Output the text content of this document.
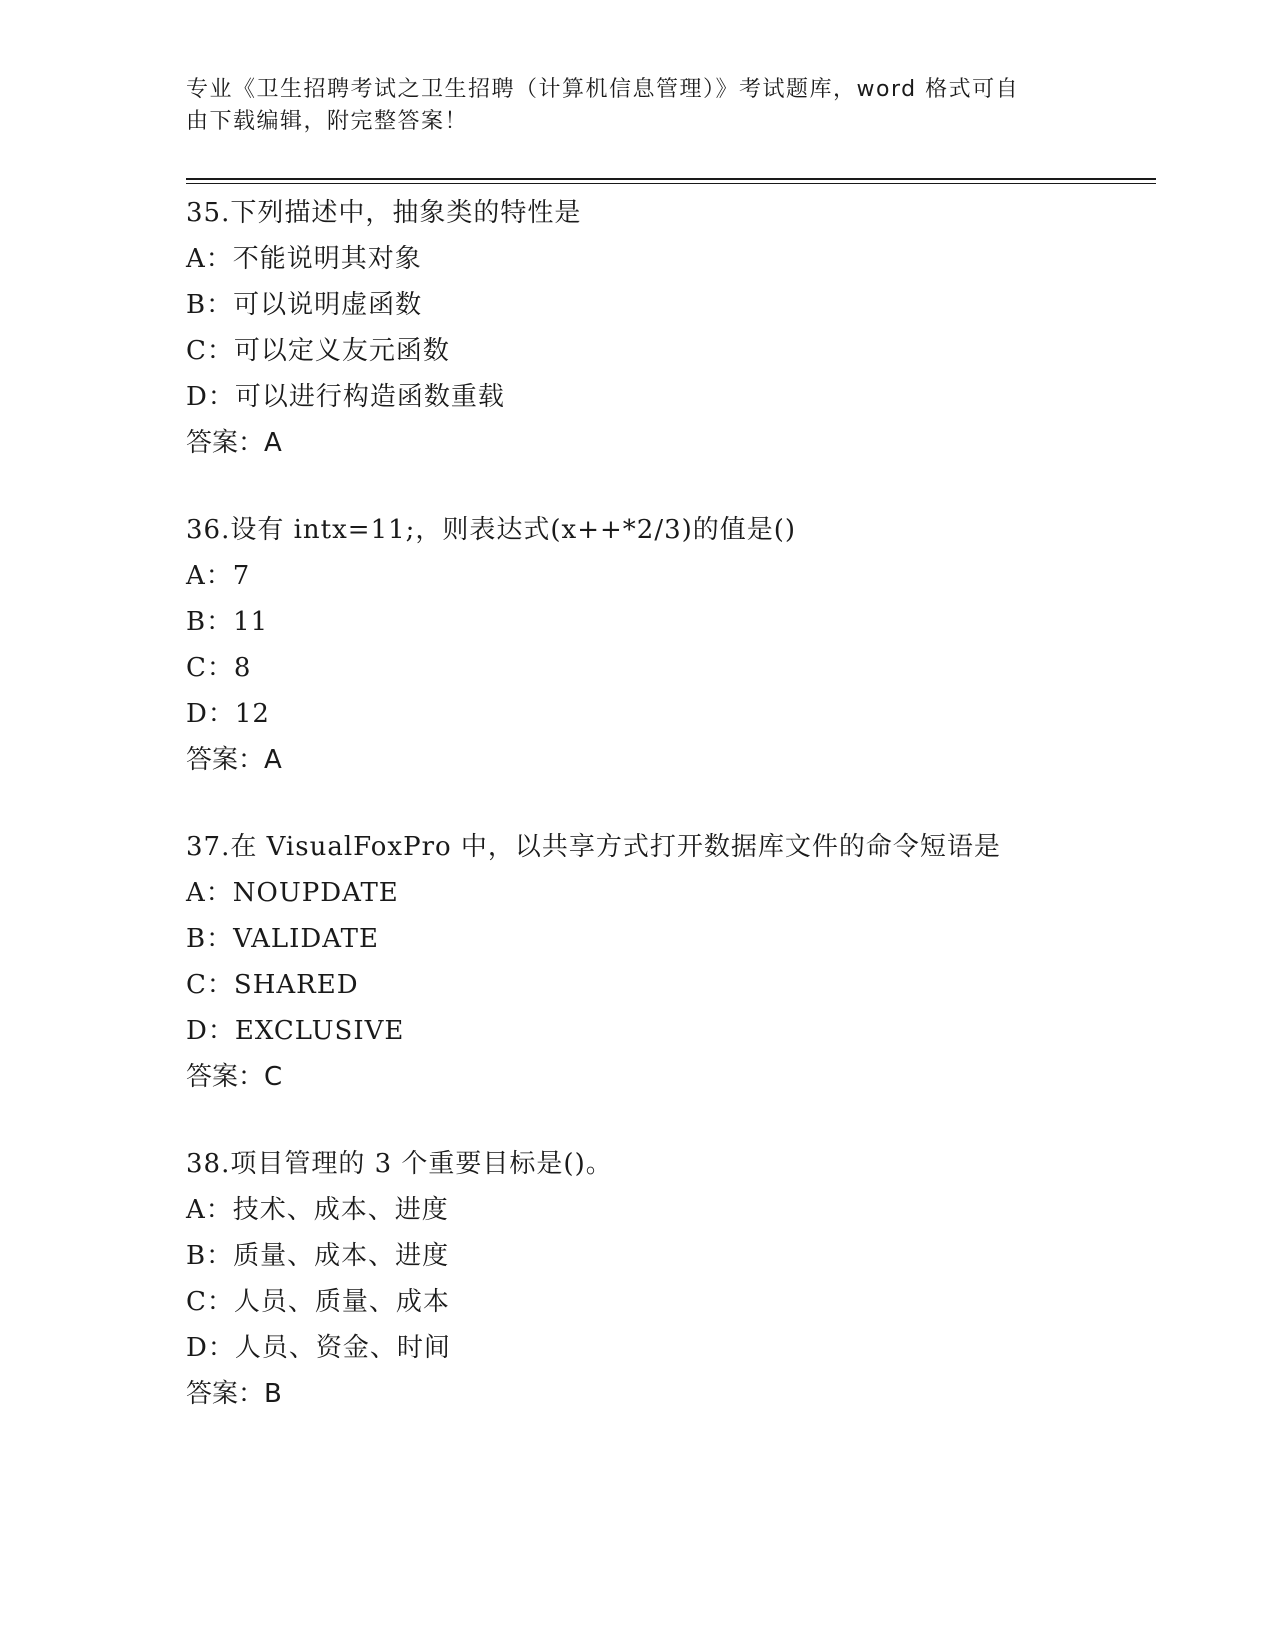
专业《卫生招聘考试之卫生招聘（计算机信息管理）》考试题库，word 格式可自
由下载编辑，附完整答案！
35.下列描述中，抽象类的特性是
A：不能说明其对象
B：可以说明虚函数
C：可以定义友元函数
D：可以进行构造函数重载
答案：A
36.设有 intx=11;，则表达式(x++*2/3)的值是()
A：7
B：11
C：8
D：12
答案：A
37.在 VisualFoxPro 中，以共享方式打开数据库文件的命令短语是
A：NOUPDATE
B：VALIDATE
C：SHARED
D：EXCLUSIVE
答案：C
38.项目管理的 3 个重要目标是()。
A：技术、成本、进度
B：质量、成本、进度
C：人员、质量、成本
D：人员、资金、时间
答案：B
